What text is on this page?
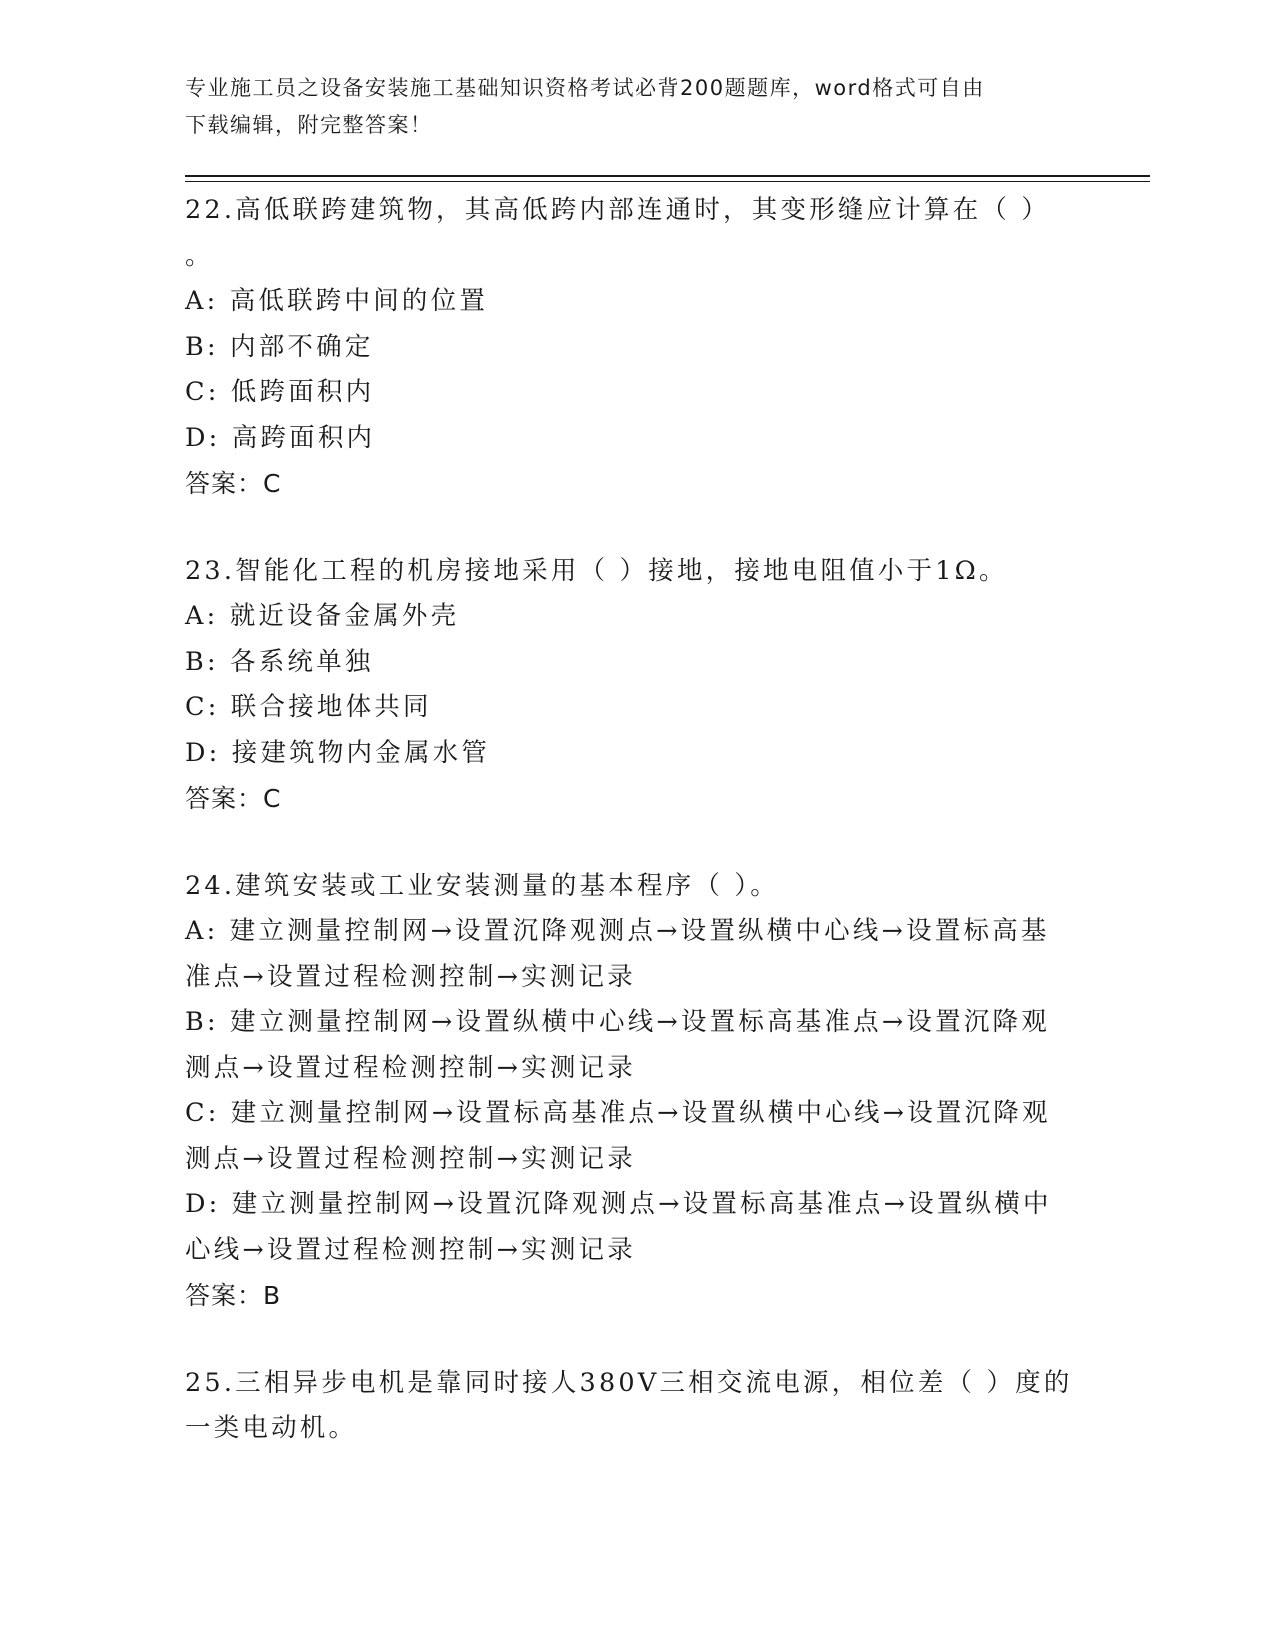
专业施工员之设备安装施工基础知识资格考试必背200题题库，word格式可自由
下载编辑，附完整答案！
22.高低联跨建筑物，其高低跨内部连通时，其变形缝应计算在（ ）
。
A: 高低联跨中间的位置
B: 内部不确定
C: 低跨面积内
D: 高跨面积内
答案：C
23.智能化工程的机房接地采用（ ）接地，接地电阻值小于1Ω。
A: 就近设备金属外壳
B: 各系统单独
C: 联合接地体共同
D: 接建筑物内金属水管
答案：C
24.建筑安装或工业安装测量的基本程序（ ）。
A: 建立测量控制网→设置沉降观测点→设置纵横中心线→设置标高基
准点→设置过程检测控制→实测记录
B: 建立测量控制网→设置纵横中心线→设置标高基准点→设置沉降观
测点→设置过程检测控制→实测记录
C: 建立测量控制网→设置标高基准点→设置纵横中心线→设置沉降观
测点→设置过程检测控制→实测记录
D: 建立测量控制网→设置沉降观测点→设置标高基准点→设置纵横中
心线→设置过程检测控制→实测记录
答案：B
25.三相异步电机是靠同时接人380V三相交流电源，相位差（ ）度的
一类电动机。
